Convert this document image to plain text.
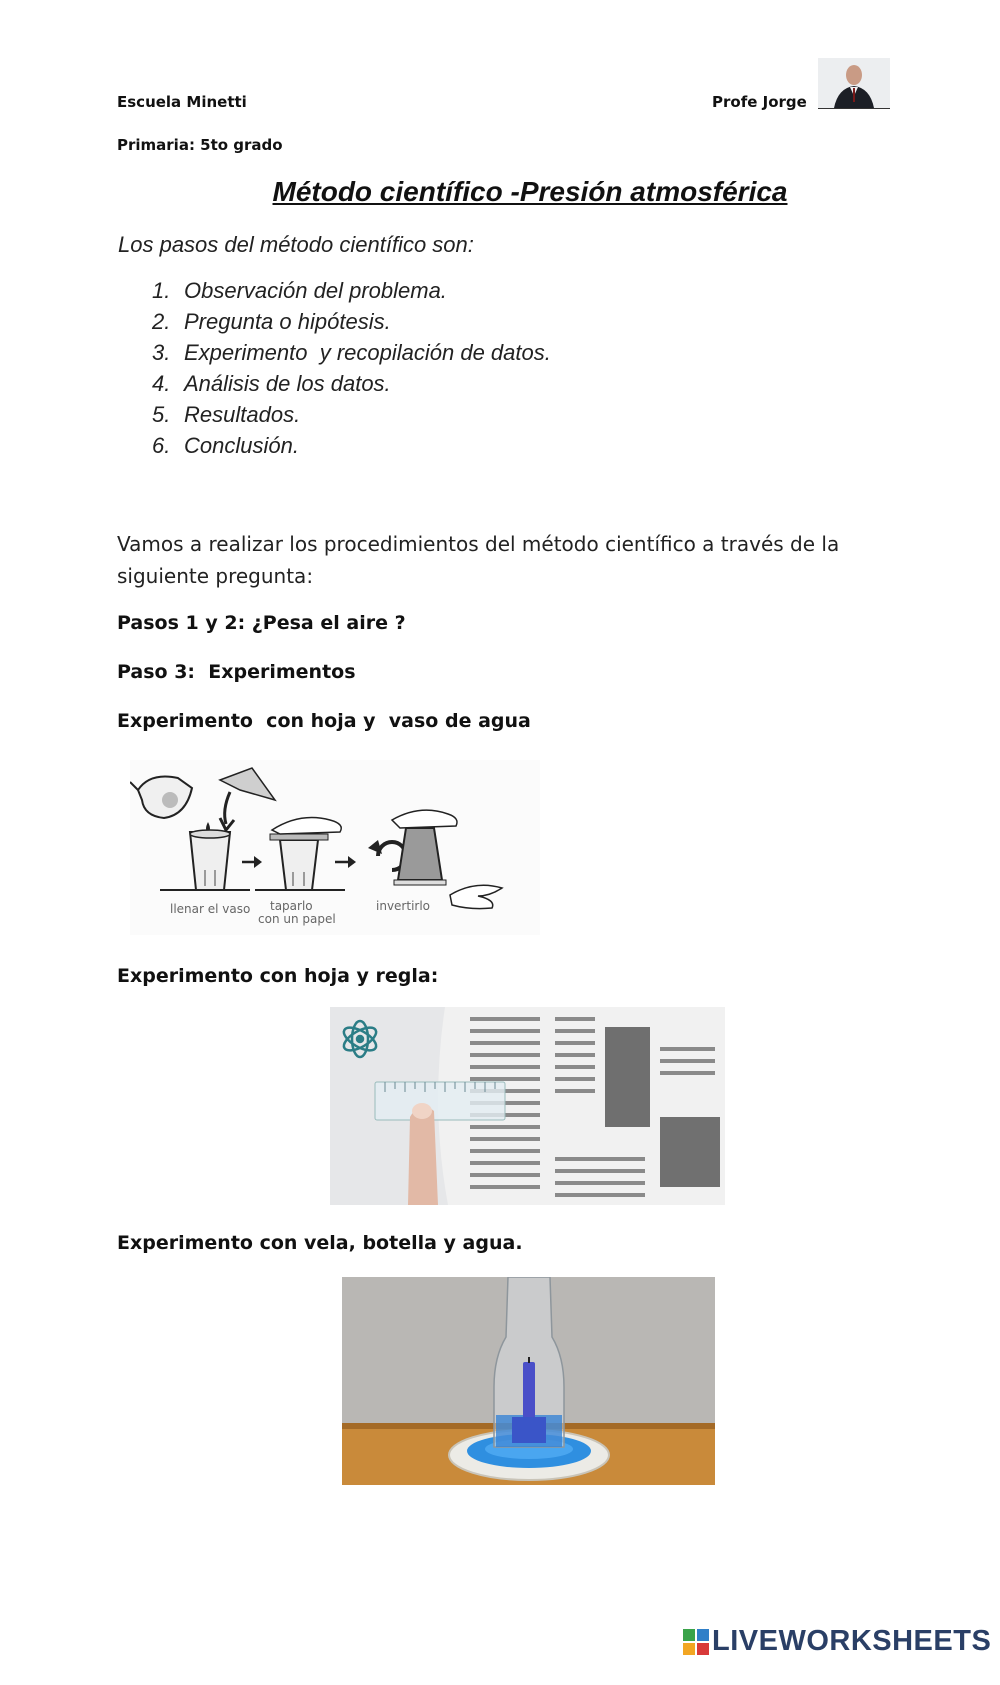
Escuela Minetti
Primaria: 5to grado
Profe Jorge
Método científico -Presión atmosférica
Los pasos del método científico son:
1. Observación del problema.
2. Pregunta o hipótesis.
3. Experimento  y recopilación de datos.
4. Análisis de los datos.
5. Resultados.
6. Conclusión.
Vamos a realizar los procedimientos del método científico a través de la siguiente pregunta:
Pasos 1 y 2: ¿Pesa el aire ?
Paso 3:  Experimentos
Experimento  con hoja y  vaso de agua
llenar el vaso taparlo
con un papel
invertirlo
Experimento con hoja y regla:
Experimento con vela, botella y agua.
LIVEWORKSHEETS
